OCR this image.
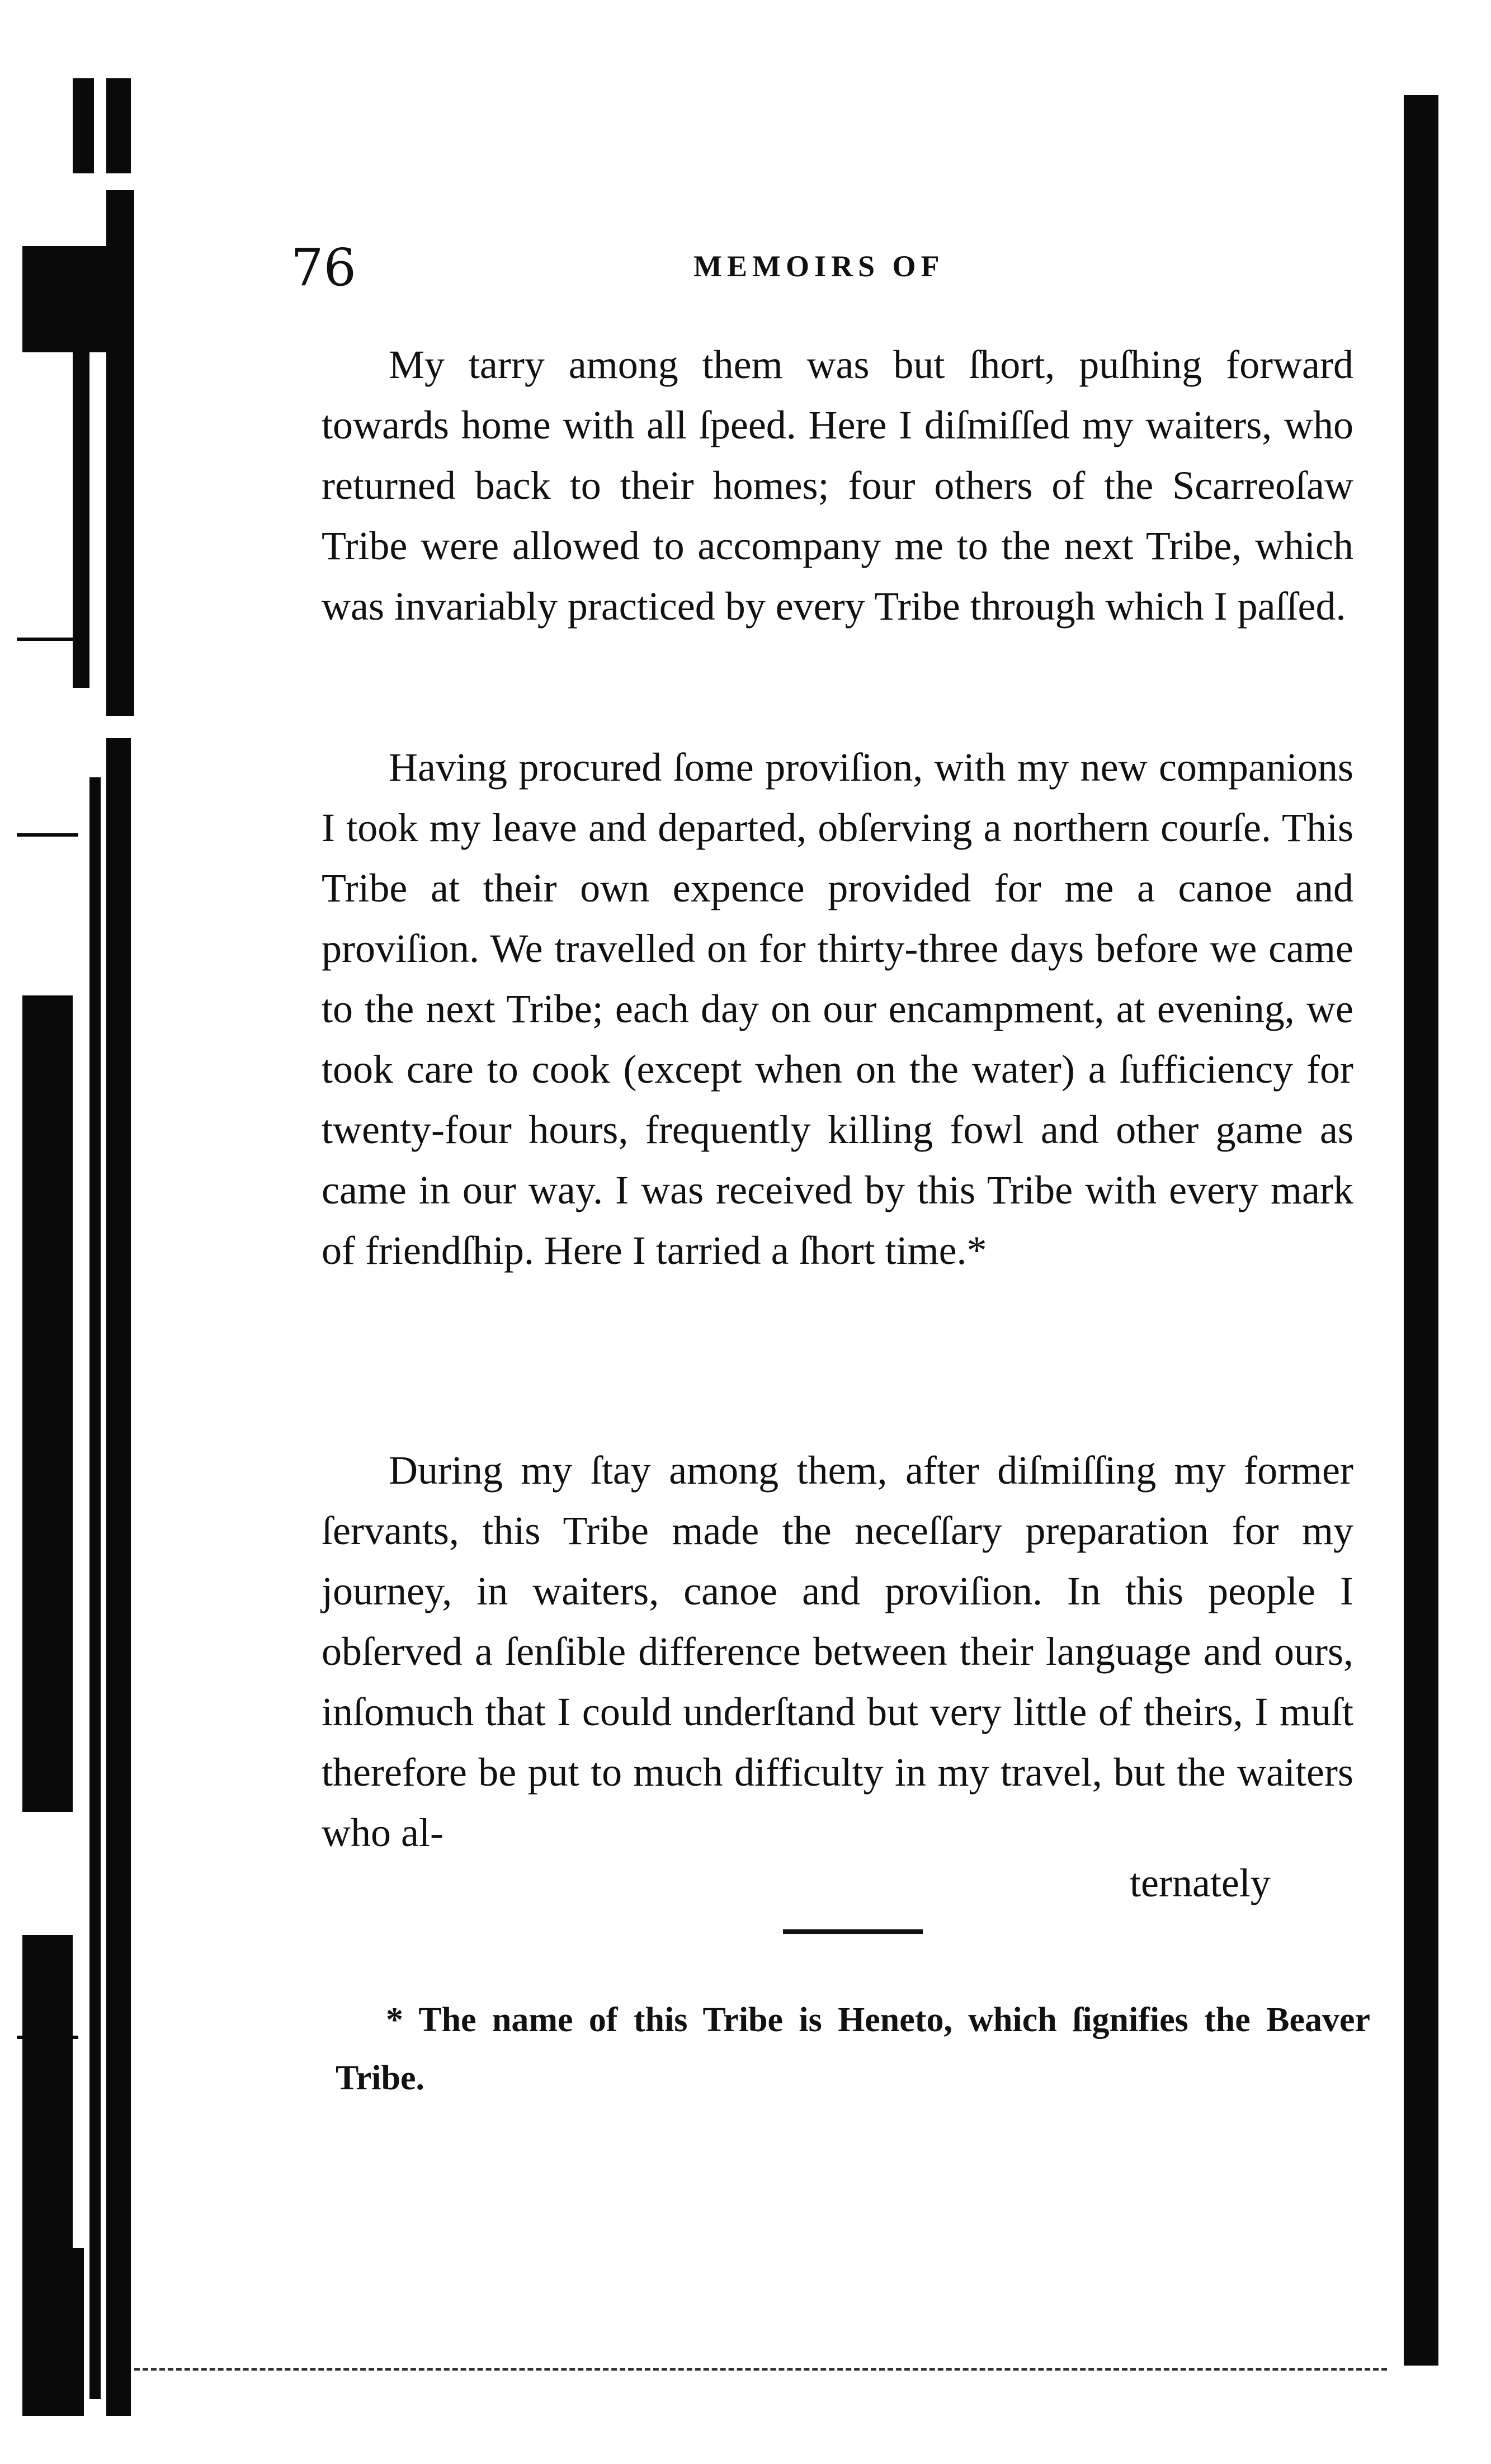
76	MEMOIRS OF

My tarry among them was but ſhort, puſhing forward towards home with all ſpeed. Here I diſmiſſed my waiters, who returned back to their homes; four others of the Scarreoſaw Tribe were allowed to accompany me to the next Tribe, which was invariably practiced by every Tribe through which I paſſed.

Having procured ſome proviſion, with my new companions I took my leave and departed, obſerving a northern courſe. This Tribe at their own expence provided for me a canoe and proviſion. We travelled on for thirty-three days before we came to the next Tribe; each day on our encampment, at evening, we took care to cook (except when on the water) a ſufficiency for twenty-four hours, frequently killing fowl and other game as came in our way. I was received by this Tribe with every mark of friendſhip. Here I tarried a ſhort time.*

During my ſtay among them, after diſmiſſing my former ſervants, this Tribe made the neceſſary preparation for my journey, in waiters, canoe and proviſion. In this people I obſerved a ſenſible difference between their language and ours, inſomuch that I could underſtand but very little of theirs, I muſt therefore be put to much difficulty in my travel, but the waiters who al-

ternately

* The name of this Tribe is Heneto, which ſignifies the Beaver Tribe.
